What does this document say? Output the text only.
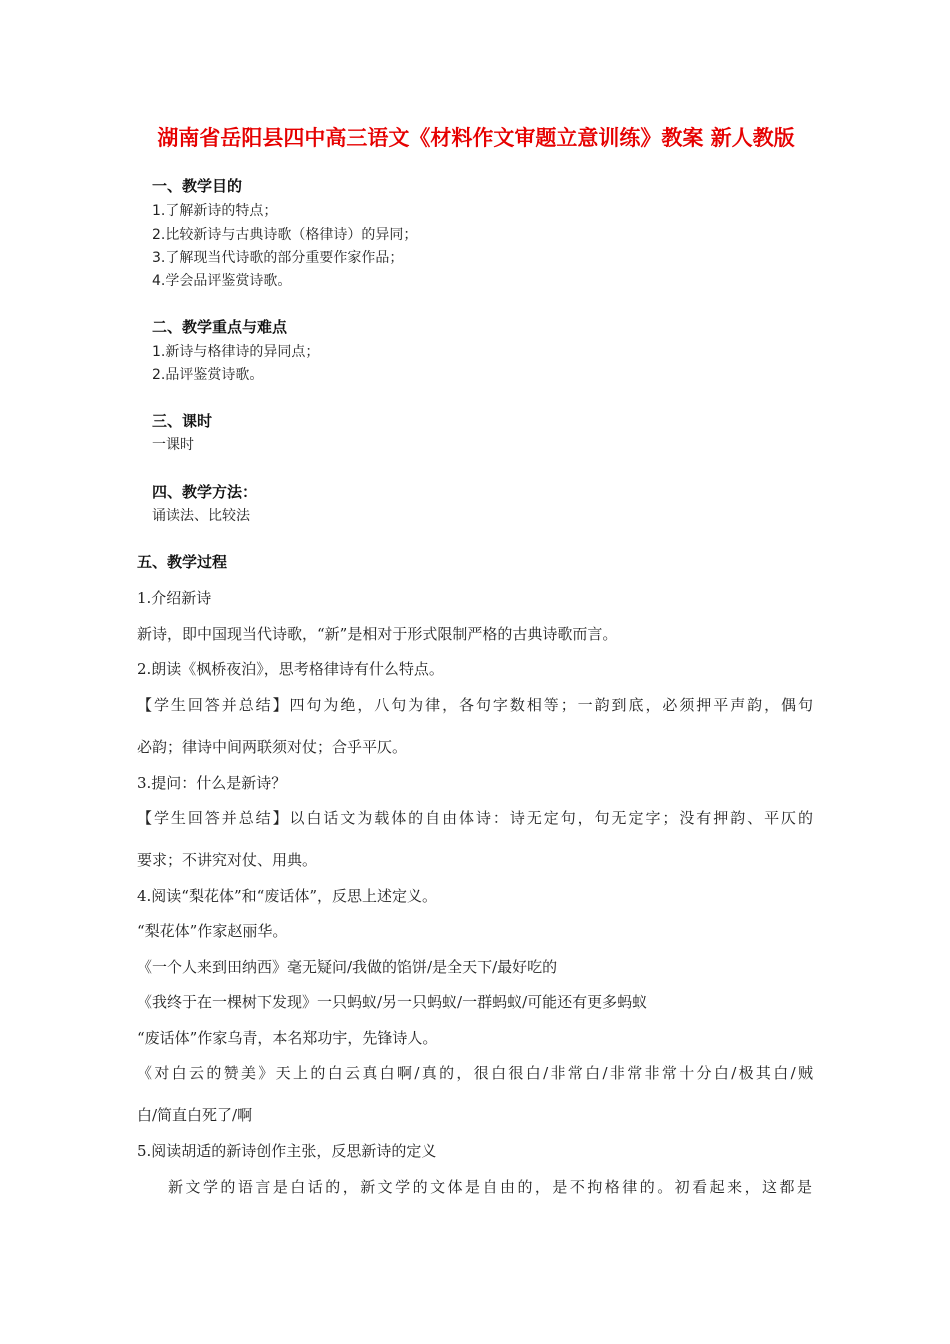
湖南省岳阳县四中高三语文《材料作文审题立意训练》教案 新人教版
一、教学目的
1.了解新诗的特点；
2.比较新诗与古典诗歌（格律诗）的异同；
3.了解现当代诗歌的部分重要作家作品；
4.学会品评鉴赏诗歌。
二、教学重点与难点
1.新诗与格律诗的异同点；
2.品评鉴赏诗歌。
三、课时
一课时
四、教学方法：
诵读法、比较法
五、教学过程
1.介绍新诗
新诗，即中国现当代诗歌，“新”是相对于形式限制严格的古典诗歌而言。
2.朗读《枫桥夜泊》，思考格律诗有什么特点。
【学生回答并总结】四句为绝，八句为律，各句字数相等；一韵到底，必须押平声韵，偶句
必韵；律诗中间两联须对仗；合乎平仄。
3.提问：什么是新诗？
【学生回答并总结】以白话文为载体的自由体诗：诗无定句，句无定字；没有押韵、平仄的
要求；不讲究对仗、用典。
4.阅读“梨花体”和“废话体”，反思上述定义。
“梨花体”作家赵丽华。
《一个人来到田纳西》毫无疑问/我做的馅饼/是全天下/最好吃的
《我终于在一棵树下发现》一只蚂蚁/另一只蚂蚁/一群蚂蚁/可能还有更多蚂蚁
“废话体”作家乌青，本名郑功宇，先锋诗人。
《对白云的赞美》天上的白云真白啊/真的，很白很白/非常白/非常非常十分白/极其白/贼
白/简直白死了/啊
5.阅读胡适的新诗创作主张，反思新诗的定义
新文学的语言是白话的，新文学的文体是自由的，是不拘格律的。初看起来，这都是
